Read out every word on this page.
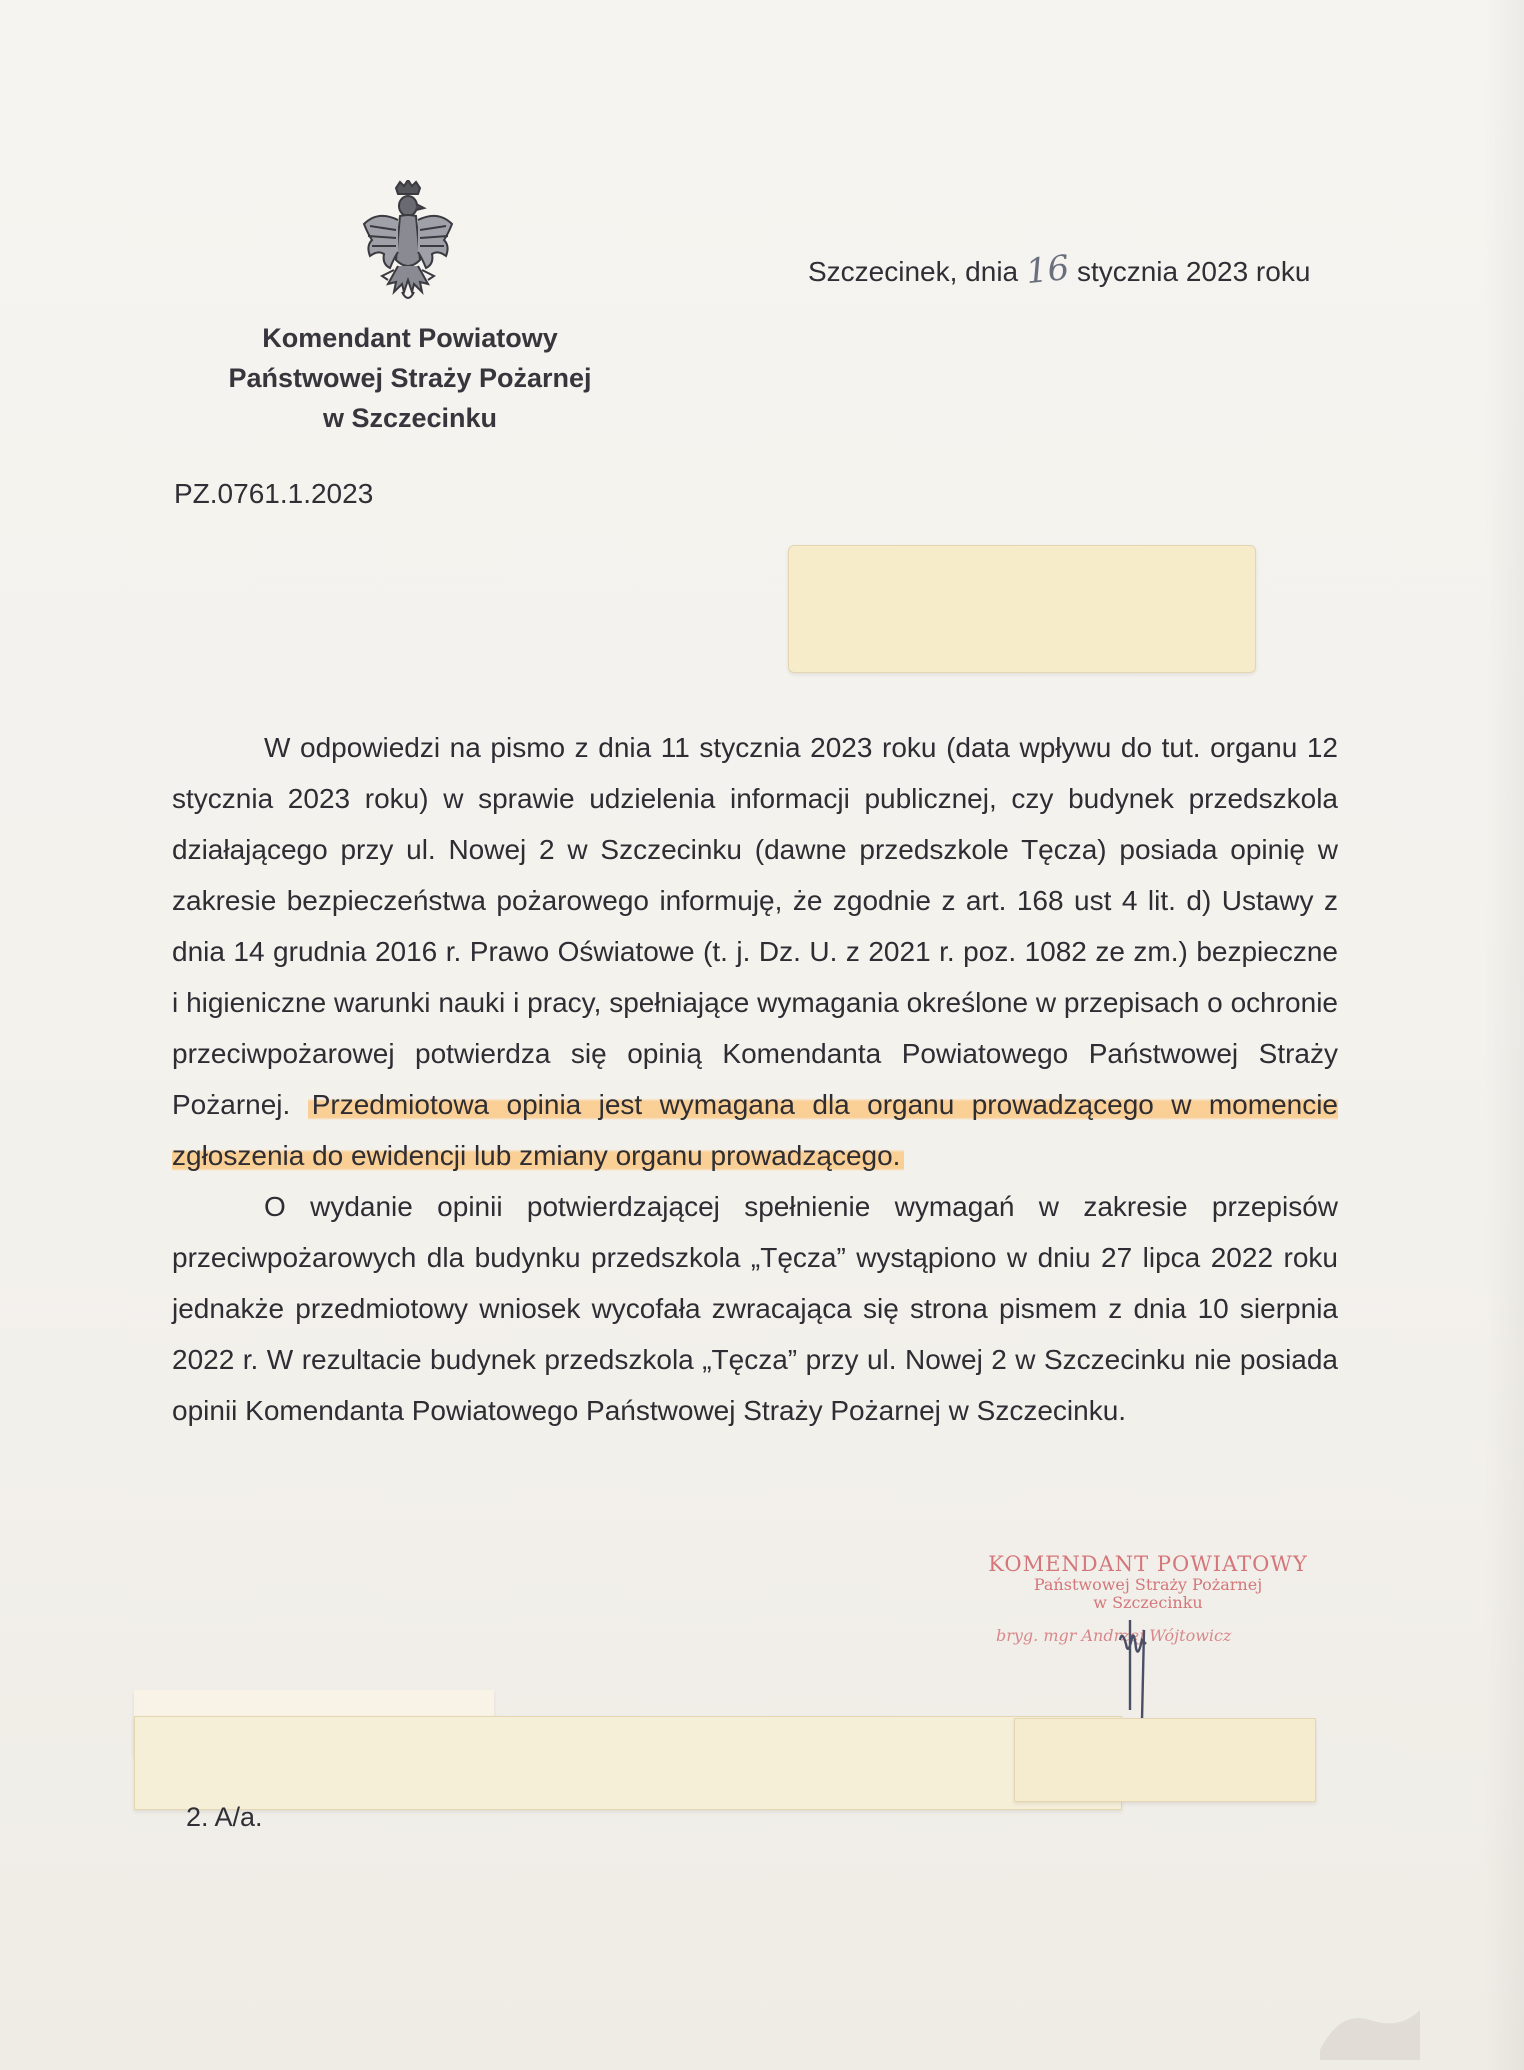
Komendant Powiatowy
Państwowej Straży Pożarnej
w Szczecinku
Szczecinek, dnia 16 stycznia 2023 roku
PZ.0761.1.2023

W odpowiedzi na pismo z dnia 11 stycznia 2023 roku (data wpływu do tut. organu 12 stycznia 2023 roku) w sprawie udzielenia informacji publicznej, czy budynek przedszkola działającego przy ul. Nowej 2 w Szczecinku (dawne przedszkole Tęcza) posiada opinię w zakresie bezpieczeństwa pożarowego informuję, że zgodnie z art. 168 ust 4 lit. d) Ustawy z dnia 14 grudnia 2016 r. Prawo Oświatowe (t. j. Dz. U. z 2021 r. poz. 1082 ze zm.) bezpieczne i higieniczne warunki nauki i pracy, spełniające wymagania określone w przepisach o ochronie przeciwpożarowej potwierdza się opinią Komendanta Powiatowego Państwowej Straży Pożarnej. Przedmiotowa opinia jest wymagana dla organu prowadzącego w momencie zgłoszenia do ewidencji lub zmiany organu prowadzącego.

O wydanie opinii potwierdzającej spełnienie wymagań w zakresie przepisów przeciwpożarowych dla budynku przedszkola „Tęcza” wystąpiono w dniu 27 lipca 2022 roku jednakże przedmiotowy wniosek wycofała zwracająca się strona pismem z dnia 10 sierpnia 2022 r. W rezultacie budynek przedszkola „Tęcza” przy ul. Nowej 2 w Szczecinku nie posiada opinii Komendanta Powiatowego Państwowej Straży Pożarnej w Szczecinku.

KOMENDANT POWIATOWY
Państwowej Straży Pożarnej
w Szczecinku
bryg. mgr Andrzej Wójtowicz
2. A/a.
